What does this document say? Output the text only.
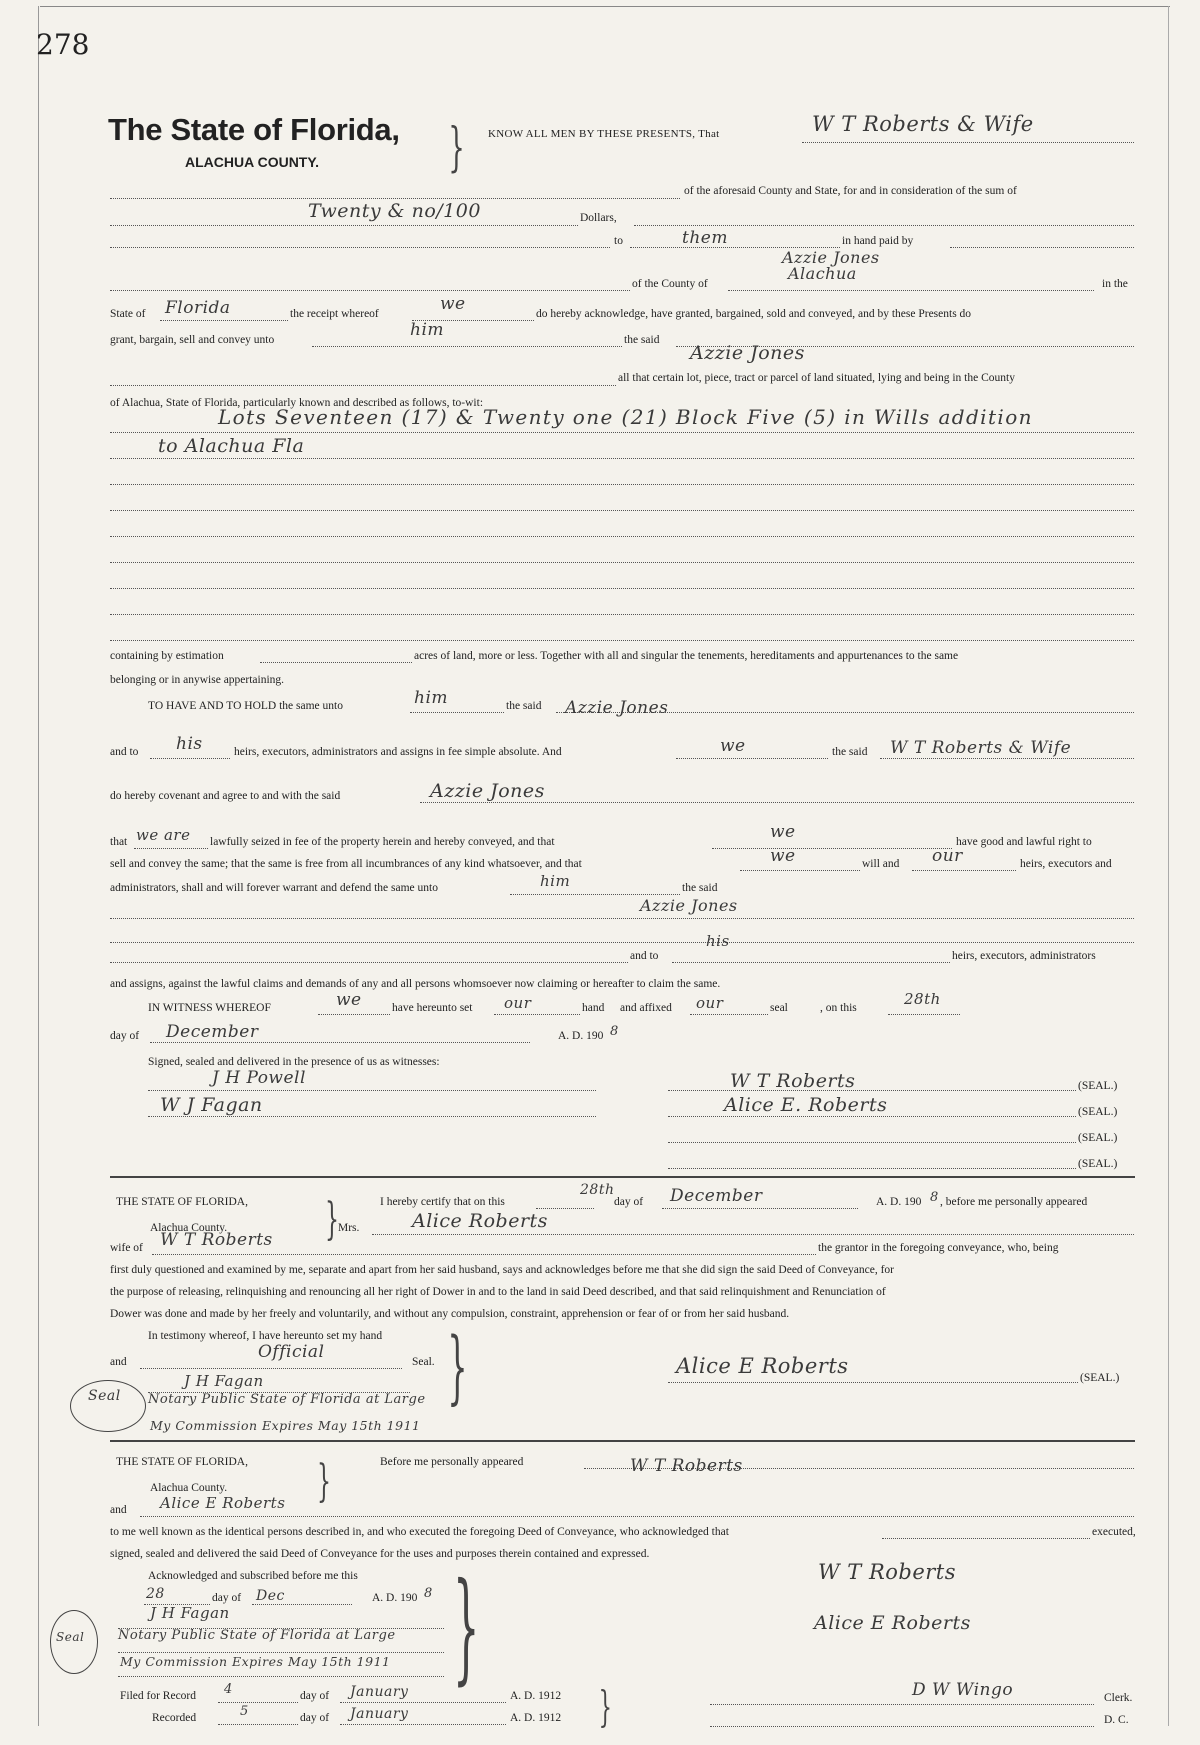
278
The State of Florida,
ALACHUA COUNTY. } KNOW ALL MEN BY THESE PRESENTS, That	W T Roberts & Wife
of the aforesaid County and State, for and in consideration of the sum of
Twenty & no/100	Dollars,
to	them	in hand paid by
Azzie Jones
of the County of
Alachua
in the
State of Florida	the receipt whereof	we	do hereby acknowledge, have granted, bargained, sold and conveyed, and by these Presents do
grant, bargain, sell and convey unto	him	the said
Azzie Jones
all that certain lot, piece, tract or parcel of land situated, lying and being in the County
of Alachua, State of Florida, particularly known and described as follows, to-wit:
Lots Seventeen (17) & Twenty one (21) Block Five (5) in Wills addition
to Alachua Fla
containing by estimation	acres of land, more or less. Together with all and singular the tenements, hereditaments and appurtenances to the same
belonging or in anywise appertaining.
TO HAVE AND TO HOLD the same unto	him	the said Azzie Jones
and to his	heirs, executors, administrators and assigns in fee simple absolute. And	we	the said W T Roberts & Wife
do hereby covenant and agree to and with the said	Azzie Jones
that we are lawfully seized in fee of the property herein and hereby conveyed, and that	we	have good and lawful right to
sell and convey the same; that the same is free from all incumbrances of any kind whatsoever, and that	we	will and our	heirs, executors and
administrators, shall and will forever warrant and defend the same unto	him	the said
Azzie Jones
and to
his
heirs, executors, administrators
and assigns, against the lawful claims and demands of any and all persons whomsoever now claiming or hereafter to claim the same.
IN WITNESS WHEREOF	we	have hereunto set our	hand and affixed our	seal	, on this	28th
day of December	A. D. 190 8
Signed, sealed and delivered in the presence of us as witnesses:
J H Powell
W J Fagan
W T Roberts	(SEAL.)
Alice E. Roberts	(SEAL.)
(SEAL.)
(SEAL.)
THE STATE OF FLORIDA, }
Alachua County.
I hereby certify that on this
28th
day of December	A. D. 190 8 , before me personally appeared
Mrs.	Alice Roberts
wife of W T Roberts	the grantor in the foregoing conveyance, who, being
first duly questioned and examined by me, separate and apart from her said husband, says and acknowledges before me that she did sign the said Deed of Conveyance, for
the purpose of releasing, relinquishing and renouncing all her right of Dower in and to the land in said Deed described, and that said relinquishment and Renunciation of
Dower was done and made by her freely and voluntarily, and without any compulsion, constraint, apprehension or fear of or from her said husband.
In testimony whereof, I have hereunto set my hand
and	Official	Seal. }
J H Fagan
Notary Public State of Florida at Large
My Commission Expires May 15th 1911
Seal
Alice E Roberts	(SEAL.)
THE STATE OF FLORIDA, }
Alachua County.
Before me personally appeared	W T Roberts
and Alice E Roberts
to me well known as the identical persons described in, and who executed the foregoing Deed of Conveyance, who acknowledged that	executed,
signed, sealed and delivered the said Deed of Conveyance for the uses and purposes therein contained and expressed.
Acknowledged and subscribed before me this }
28	day of Dec	A. D. 190 8
J H Fagan
Notary Public State of Florida at Large
My Commission Expires May 15th 1911
Seal
W T Roberts
Alice E Roberts
Filed for Record 4	day of January	A. D. 1912
Recorded	5	day of January	A. D. 1912 }	D W Wingo	Clerk.
D. C.
